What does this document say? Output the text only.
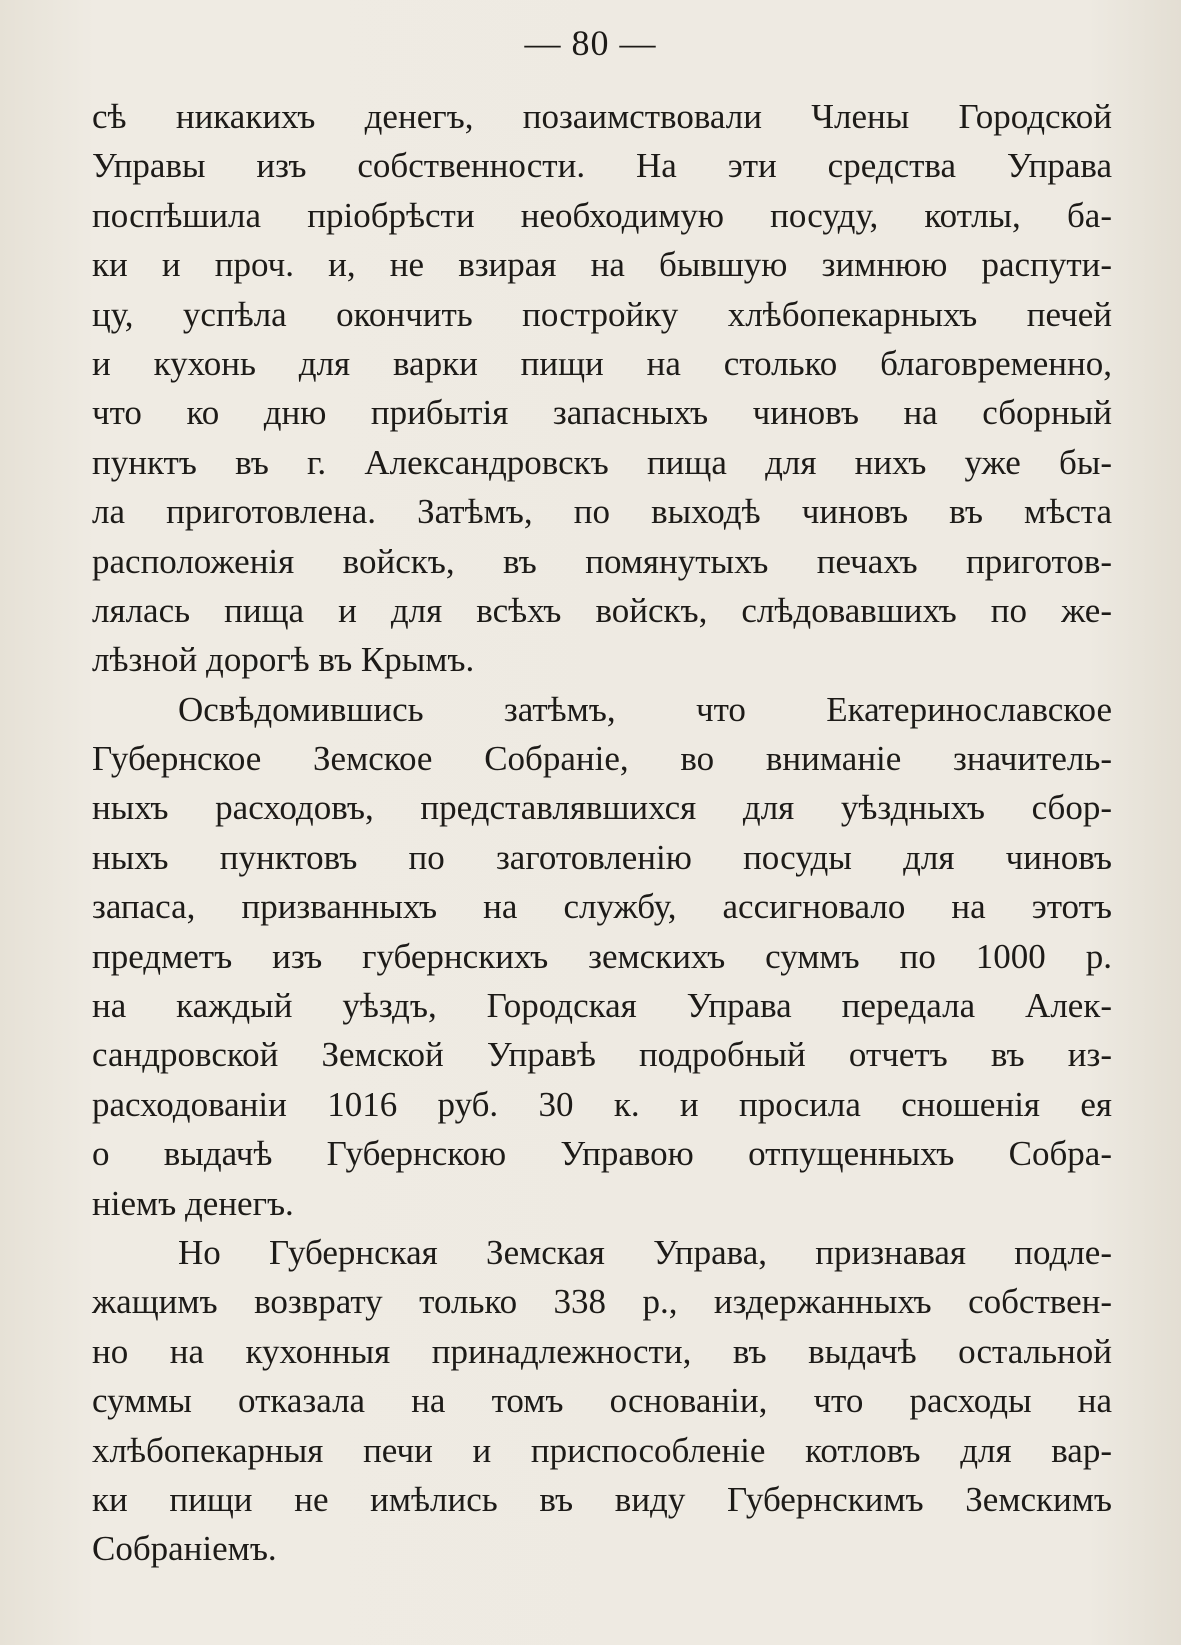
— 80 —
сѣ никакихъ денегъ, позаимствовали Члены Городской
Управы изъ собственности. На эти средства Управа
поспѣшила пріобрѣсти необходимую посуду, котлы, ба-
ки и проч. и, не взирая на бывшую зимнюю распути-
цу, успѣла окончить постройку хлѣбопекарныхъ печей
и кухонь для варки пищи на столько благовременно,
что ко дню прибытія запасныхъ чиновъ на сборный
пунктъ въ г. Александровскъ пища для нихъ уже бы-
ла приготовлена. Затѣмъ, по выходѣ чиновъ въ мѣста
расположенія войскъ, въ помянутыхъ печахъ приготов-
лялась пища и для всѣхъ войскъ, слѣдовавшихъ по же-
лѣзной дорогѣ въ Крымъ.
Освѣдомившись затѣмъ, что Екатеринославское
Губернское Земское Собраніе, во вниманіе значитель-
ныхъ расходовъ, представлявшихся для уѣздныхъ сбор-
ныхъ пунктовъ по заготовленію посуды для чиновъ
запаса, призванныхъ на службу, ассигновало на этотъ
предметъ изъ губернскихъ земскихъ суммъ по 1000 р.
на каждый уѣздъ, Городская Управа передала Алек-
сандровской Земской Управѣ подробный отчетъ въ из-
расходованіи 1016 руб. 30 к. и просила сношенія ея
о выдачѣ Губернскою Управою отпущенныхъ Собра-
ніемъ денегъ.
Но Губернская Земская Управа, признавая подле-
жащимъ возврату только 338 р., издержанныхъ собствен-
но на кухонныя принадлежности, въ выдачѣ остальной
суммы отказала на томъ основаніи, что расходы на
хлѣбопекарныя печи и приспособленіе котловъ для вар-
ки пищи не имѣлись въ виду Губернскимъ Земскимъ
Собраніемъ.
